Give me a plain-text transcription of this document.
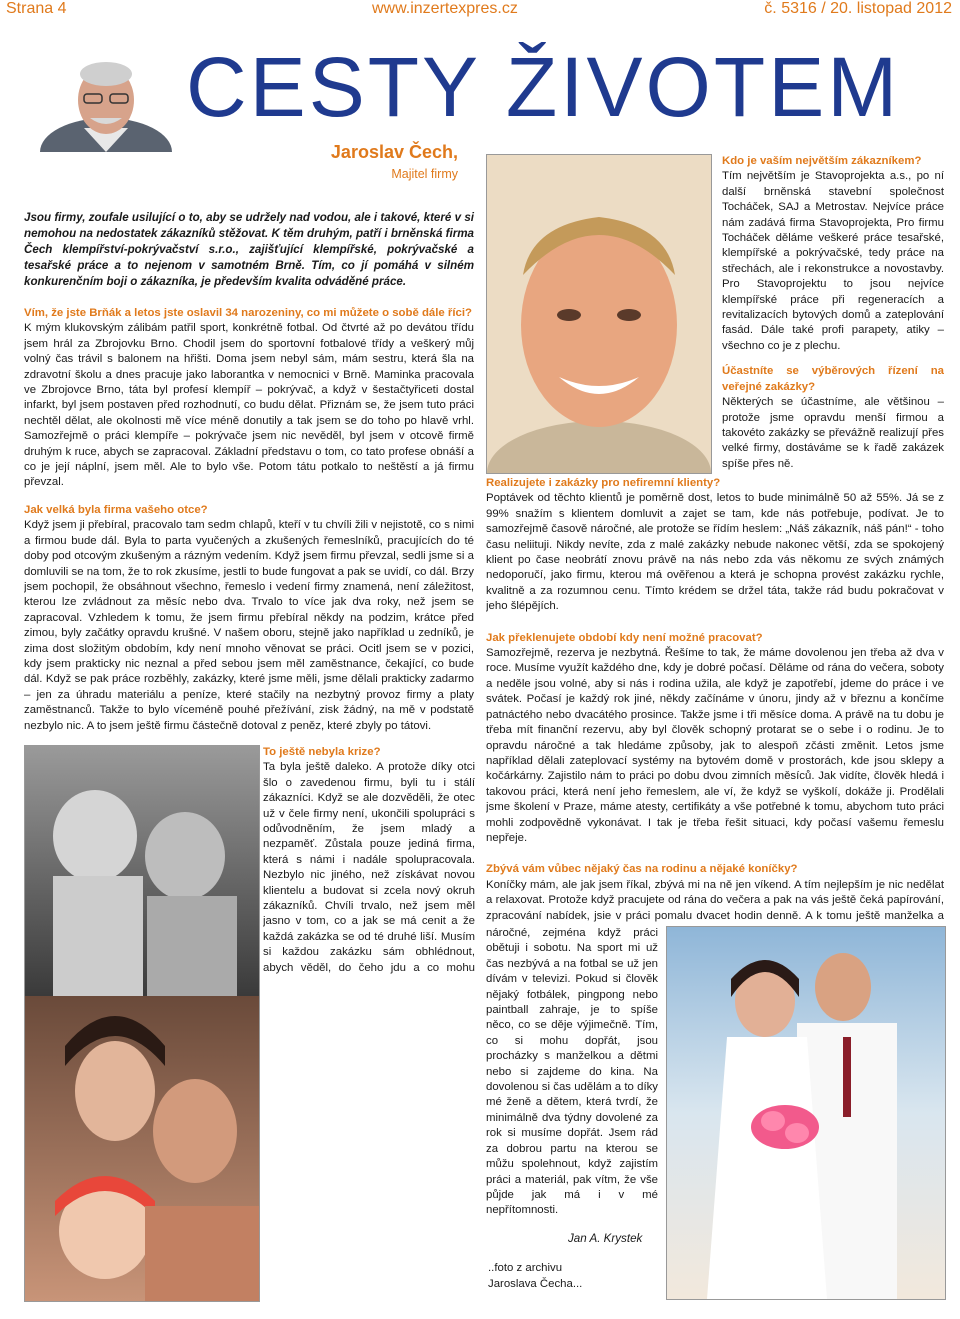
Strana 4	www.inzertexpres.cz	č. 5316 / 20. listopad 2012
CESTY ŽIVOTEM
Jaroslav Čech,
Majitel firmy

Jsou firmy, zoufale usilující o to, aby se udržely nad vodou, ale i takové, které v si nemohou na nedostatek zákazníků stěžovat. K těm druhým, patří i brněnská firma Čech klempířství-pokrývačství s.r.o., zajišťující klempířské, pokrývačské a tesařské práce a to nejenom v samotném Brně. Tím, co jí pomáhá v silném konkurenčním boji o zákazníka, je především kvalita odváděné práce.

Vím, že jste Brňák a letos jste oslavil 34 narozeniny, co mi můžete o sobě dále říci?

K mým klukovským zálibám patřil sport, konkrétně fotbal. Od čtvrté až po devátou třídu jsem hrál za Zbrojovku Brno. Chodil jsem do sportovní fotbalové třídy a veškerý můj volný čas trávil s balonem na hřišti. Doma jsem nebyl sám, mám sestru, která šla na zdravotní školu a dnes pracuje jako laborantka v nemocnici v Brně. Maminka pracovala ve Zbrojovce Brno, táta byl profesí klempíř – pokrývač, a když v šestačtyřiceti dostal infarkt, byl jsem postaven před rozhodnutí, co budu dělat. Přiznám se, že jsem tuto práci nechtěl dělat, ale okolnosti mě více méně donutily a tak jsem se do toho po hlavě vrhl. Samozřejmě o práci klempíře – pokrývače jsem nic nevěděl, byl jsem v otcově firmě druhým k ruce, abych se zapracoval. Základní představu o tom, co tato profese obnáší a co je její náplní, jsem měl. Ale to bylo vše. Potom tátu potkalo to neštěstí a já firmu převzal.

Jak velká byla firma vašeho otce?

Když jsem ji přebíral, pracovalo tam sedm chlapů, kteří v tu chvíli žili v nejistotě, co s nimi a firmou bude dál. Byla to parta vyučených a zkušených řemeslníků, pracujících do té doby pod otcovým zkušeným a rázným vedením. Když jsem firmu převzal, sedli jsme si a domluvili se na tom, že to rok zkusíme, jestli to bude fungovat a pak se uvidí, co dál. Brzy jsem pochopil, že obsáhnout všechno, řemeslo i vedení firmy znamená, není záležitost, kterou lze zvládnout za měsíc nebo dva. Trvalo to více jak dva roky, než jsem se zapracoval. Vzhledem k tomu, že jsem firmu přebíral někdy na podzim, krátce před zimou, byly začátky opravdu krušné. V našem oboru, stejně jako například u zedníků, je zima dost složitým obdobím, kdy není mnoho věnovat se práci. Ocitl jsem se v pozici, kdy jsem prakticky nic neznal a před sebou jsem měl zaměstnance, čekající, co bude dál. Když se pak práce rozběhly, zakázky, které jsme měli, jsme dělali prakticky zadarmo – jen za úhradu materiálu a peníze, které stačily na nezbytný provoz firmy a platy zaměstnanců. Takže to bylo víceméně pouhé přežívání, zisk žádný, na mě v podstatě nezbylo nic. A to jsem ještě firmu částečně dotoval z peněz, které zbyly po tátovi.

To ještě nebyla krize?

Ta byla ještě daleko. A protože díky otci šlo o zavedenou firmu, byli tu i stálí zákazníci. Když se ale dozvěděli, že otec už v čele firmy není, ukončili spolupráci s odůvodněním, že jsem mladý a nezpaměť. Zůstala pouze jediná firma, která s námi i nadále spolupracovala. Nezbylo nic jiného, než získávat novou klientelu a budovat si zcela nový okruh zákazníků. Chvíli trvalo, než jsem měl jasno v tom, co a jak se má cenit a že každá zakázka se od té druhé liší. Musím si každou zakázku sám obhlédnout, abych věděl, do čeho jdu a co mohu

Kdo je vaším největším zákazníkem?

Tím největším je Stavoprojekta a.s., po ní další brněnská stavební společnost Tocháček, SAJ a Metrostav. Nejvíce práce nám zadává firma Stavoprojekta, Pro firmu Tocháček děláme veškeré práce tesařské, klempířské a pokrývačské, tedy práce na střechách, ale i rekonstrukce a novostavby. Pro Stavoprojektu to jsou nejvíce klempířské práce při regeneracích a revitalizacích bytových domů a zateplování fasád. Dále také profi parapety, atiky – všechno co je z plechu.

Účastníte se výběrových řízení na veřejné zakázky?

Některých se účastníme, ale většinou – protože jsme opravdu menší firmou a takovéto zakázky se převážně realizují přes velké firmy, dostáváme se k řadě zakázek spíše přes ně.

Realizujete i zakázky pro nefiremní klienty?

Poptávek od těchto klientů je poměrně dost, letos to bude minimálně 50 až 55%. Já se z 99% snažím s klientem domluvit a zajet se tam, kde nás potřebuje, podívat. Je to samozřejmě časově náročné, ale protože se řídím heslem: „Náš zákazník, náš pán!“ - toho času neliituji. Nikdy nevíte, zda z malé zakázky nebude nakonec větší, zda se spokojený klient po čase neobrátí znovu právě na nás nebo zda vás někomu ze svých známých nedoporučí, jako firmu, kterou má ověřenou a která je schopna provést zakázku rychle, kvalitně a za rozumnou cenu. Tímto krédem se držel táta, takže rád budu pokračovat v jeho šlépějích.

Jak překlenujete období kdy není možné pracovat?

Samozřejmě, rezerva je nezbytná. Řešíme to tak, že máme dovolenou jen třeba až dva v roce. Musíme využít každého dne, kdy je dobré počasí. Děláme od rána do večera, soboty a neděle jsou volné, aby si nás i rodina užila, ale když je zapotřebí, jdeme do práce i ve svátek. Počasí je každý rok jiné, někdy začínáme v únoru, jindy až v březnu a končíme patnáctého nebo dvacátého prosince. Takže jsme i tři měsíce doma. A právě na tu dobu je třeba mít finanční rezervu, aby byl člověk schopný protarat se o sebe i o rodinu. Je to opravdu náročné a tak hledáme způsoby, jak to alespoň zčásti změnit. Letos jsme například dělali zateplovací systémy na bytovém domě v prostorách, kde jsou sklepy a kočárkárny. Zajistilo nám to práci po dobu dvou zimních měsíců. Jak vidíte, člověk hledá i takovou práci, která není jeho řemeslem, ale ví, že když se vyškolí, dokáže ji. Prodělali jsme školení v Praze, máme atesty, certifikáty a vše potřebné k tomu, abychom tuto práci mohli zodpovědně vykonávat. I tak je třeba řešit situaci, kdy počasí vašemu řemeslu nepřeje.

Zbývá vám vůbec nějaký čas na rodinu a nějaké koníčky?

Koníčky mám, ale jak jsem říkal, zbývá mi na ně jen víkend. A tím nejlepším je nic nedělat a relaxovat. Protože když pracujete od rána do večera a pak na vás ještě čeká papírování, zpracování nabídek, jsie v práci pomalu dvacet hodin denně. A k tomu ještě manželka a

náročné, zejména když práci obětuji i sobotu. Na sport mi už čas nezbývá a na fotbal se už jen dívám v televizi. Pokud si člověk nějaký fotbálek, pingpong nebo paintball zahraje, je to spíše něco, co se děje výjimečně. Tím, co si mohu dopřát, jsou procházky s manželkou a dětmi nebo si zajdeme do kina. Na dovolenou si čas udělám a to díky mé ženě a dětem, která tvrdí, že minimálně dva týdny dovolené za rok si musíme dopřát. Jsem rád za dobrou partu na kterou se můžu spolehnout, když zajistím práci a materiál, pak vítm, že vše půjde jak má i v mé nepřítomnosti.

Jan A. Krystek
..foto z archivu
Jaroslava Čecha...
